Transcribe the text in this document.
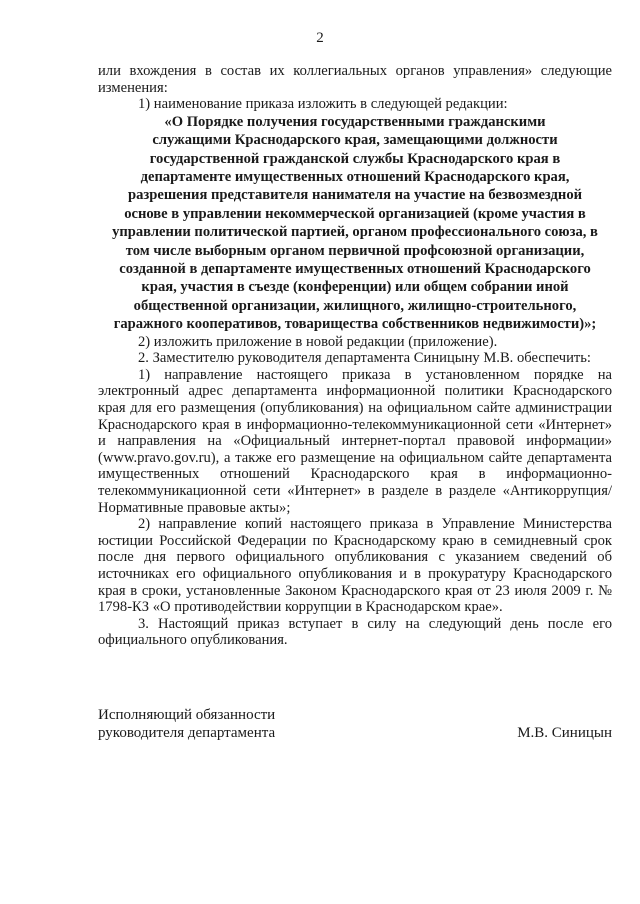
2

или вхождения в состав их коллегиальных органов управления» следующие изменения:

1) наименование приказа изложить в следующей редакции:

«О Порядке получения государственными гражданскими

служащими Краснодарского края, замещающими должности

государственной гражданской службы Краснодарского края в

департаменте имущественных отношений Краснодарского края,

разрешения представителя нанимателя на участие на безвозмездной

основе в управлении некоммерческой организацией (кроме участия в

управлении политической партией, органом профессионального союза, в

том числе выборным органом первичной профсоюзной организации,

созданной в департаменте имущественных отношений Краснодарского

края, участия в съезде (конференции) или общем собрании иной

общественной организации, жилищного, жилищно-строительного,

гаражного кооперативов, товарищества собственников недвижимости)»;

2) изложить приложение в новой редакции (приложение).

2. Заместителю руководителя департамента Синицыну М.В. обеспечить:

1) направление настоящего приказа в установленном порядке на электронный адрес департамента информационной политики Краснодарского края для его размещения (опубликования) на официальном сайте администрации Краснодарского края в информационно-телекоммуникационной сети «Интернет» и направления на «Официальный интернет-портал правовой информации» (www.pravo.gov.ru), а также его размещение на официальном сайте департамента имущественных отношений Краснодарского края в информационно-телекоммуникационной сети «Интернет» в разделе в разделе «Антикоррупция/Нормативные правовые акты»;

2) направление копий настоящего приказа в Управление Министерства юстиции Российской Федерации по Краснодарскому краю в семидневный срок после дня первого официального опубликования с указанием сведений об источниках его официального опубликования и в прокуратуру Краснодарского края в сроки, установленные Законом Краснодарского края от 23 июля 2009 г. № 1798-КЗ «О противодействии коррупции в Краснодарском крае».

3. Настоящий приказ вступает в силу на следующий день после его официального опубликования.

Исполняющий обязанности
руководителя департамента	М.В. Синицын
